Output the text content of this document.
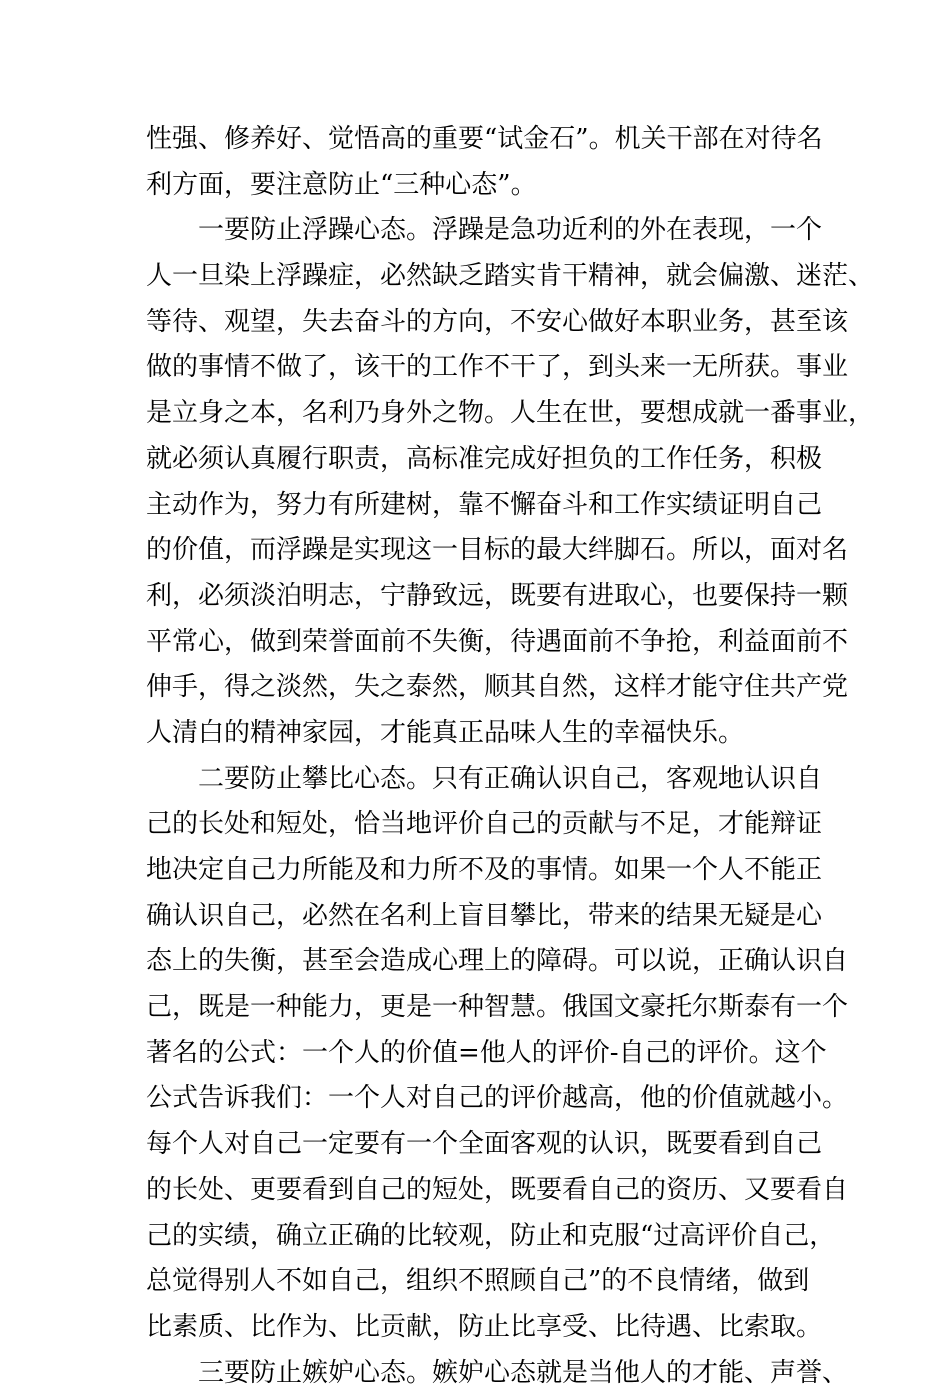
性强、修养好、觉悟高的重要“试金石”。机关干部在对待名
利方面，要注意防止“三种心态”。
一要防止浮躁心态。浮躁是急功近利的外在表现，一个
人一旦染上浮躁症，必然缺乏踏实肯干精神，就会偏激、迷茫、
等待、观望，失去奋斗的方向，不安心做好本职业务，甚至该
做的事情不做了，该干的工作不干了，到头来一无所获。事业
是立身之本，名利乃身外之物。人生在世，要想成就一番事业，
就必须认真履行职责，高标准完成好担负的工作任务，积极
主动作为，努力有所建树，靠不懈奋斗和工作实绩证明自己
的价值，而浮躁是实现这一目标的最大绊脚石。所以，面对名
利，必须淡泊明志，宁静致远，既要有进取心，也要保持一颗
平常心，做到荣誉面前不失衡，待遇面前不争抢，利益面前不
伸手，得之淡然，失之泰然，顺其自然，这样才能守住共产党
人清白的精神家园，才能真正品味人生的幸福快乐。
二要防止攀比心态。只有正确认识自己，客观地认识自
己的长处和短处，恰当地评价自己的贡献与不足，才能辩证
地决定自己力所能及和力所不及的事情。如果一个人不能正
确认识自己，必然在名利上盲目攀比，带来的结果无疑是心
态上的失衡，甚至会造成心理上的障碍。可以说，正确认识自
己，既是一种能力，更是一种智慧。俄国文豪托尔斯泰有一个
著名的公式：一个人的价值=他人的评价-自己的评价。这个
公式告诉我们：一个人对自己的评价越高，他的价值就越小。
每个人对自己一定要有一个全面客观的认识，既要看到自己
的长处、更要看到自己的短处，既要看自己的资历、又要看自
己的实绩，确立正确的比较观，防止和克服“过高评价自己，
总觉得别人不如自己，组织不照顾自己”的不良情绪，做到
比素质、比作为、比贡献，防止比享受、比待遇、比索取。
三要防止嫉妒心态。嫉妒心态就是当他人的才能、声誉、
